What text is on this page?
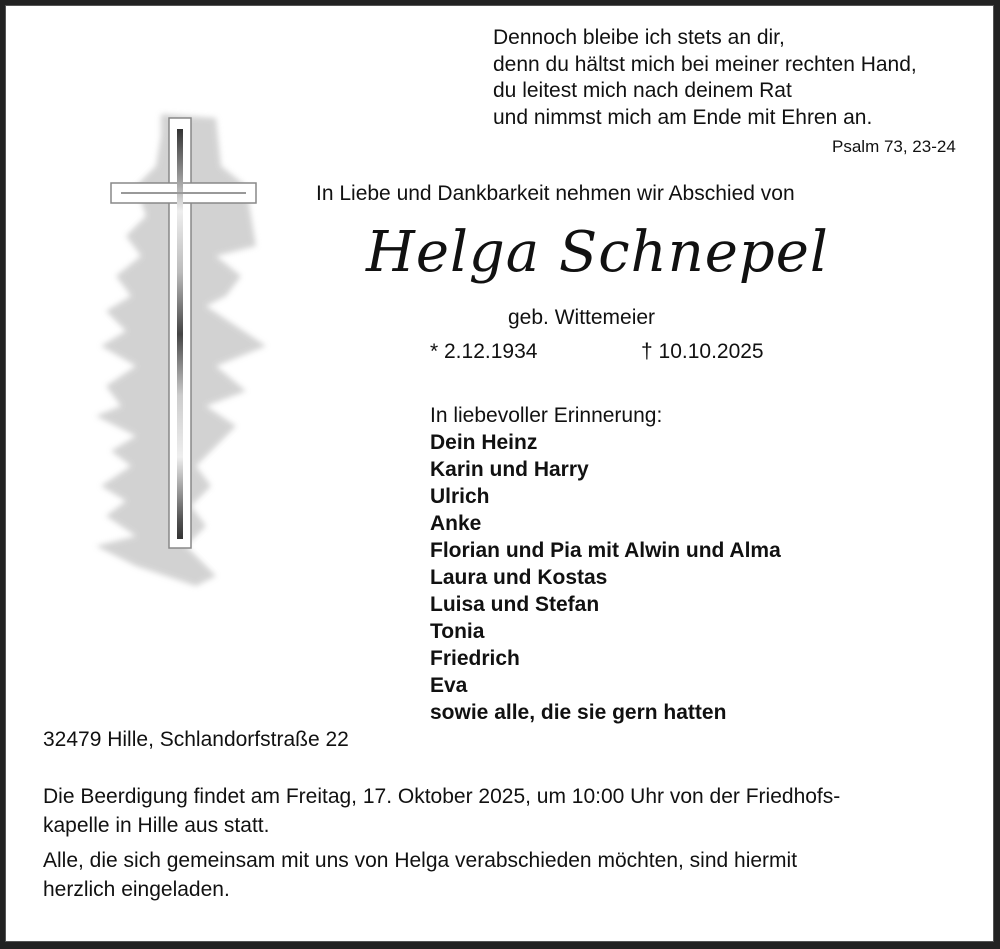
Dennoch bleibe ich stets an dir,
denn du hältst mich bei meiner rechten Hand,
du leitest mich nach deinem Rat
und nimmst mich am Ende mit Ehren an.
Psalm 73, 23-24
In Liebe und Dankbarkeit nehmen wir Abschied von
Helga Schnepel
geb. Wittemeier
* 2.12.1934	† 10.10.2025
In liebevoller Erinnerung:
Dein Heinz
Karin und Harry
Ulrich
Anke
Florian und Pia mit Alwin und Alma
Laura und Kostas
Luisa und Stefan
Tonia
Friedrich
Eva
sowie alle, die sie gern hatten
32479 Hille, Schlandorfstraße 22
Die Beerdigung findet am Freitag, 17. Oktober 2025, um 10:00 Uhr von der Friedhofs-
kapelle in Hille aus statt.
Alle, die sich gemeinsam mit uns von Helga verabschieden möchten, sind hiermit
herzlich eingeladen.
